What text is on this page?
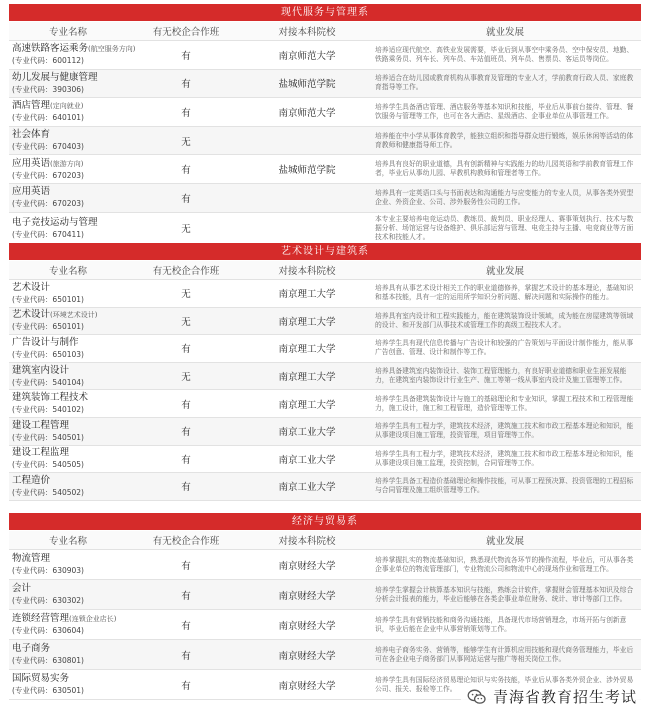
现代服务与管理系
专业名称	有无校企合作班	对接本科院校	就业发展

高速铁路客运乘务(航空服务方向)
(专业代码：600112)	有	南京师范大学	培养适应现代航空、高铁业发展需要，毕业后到从事空中乘务员、空中保安员、地勤、铁路乘务员、列车长、列车员、车站值班员、列车员、售票员、客运员等岗位。

幼儿发展与健康管理
(专业代码：390306)	有	盐城师范学院	培养适合在幼儿园或教育机构从事教育及管理的专业人才，学前教育行政人员、家庭教育指导等工作。

酒店管理(定向就业)
(专业代码：640101)	有	南京师范大学	培养学生具备酒店管理、酒店服务等基本知识和技能，毕业后从事前台接待、管理、餐饮服务与管理等工作，也可在各大酒店、星级酒店、企事业单位从事管理工作。

社会体育
(专业代码：670403)	无		培养能在中小学从事体育教学，能独立组织和指导群众进行锻炼，娱乐休闲等活动的体育教师和健康指导师工作。

应用英语(旅游方向)
(专业代码：670203)	有	盐城师范学院	培养具有良好的职业道德，具有创新精神与实践能力的幼儿园英语和学前教育管理工作者，毕业后从事幼儿园、早教机构教师和管理者等工作。

应用英语
(专业代码：670203)	有		培养具有一定英语口头与书面表达和沟通能力与应变能力的专业人员，从事各类外贸型企业、外资企业、公司、涉外服务性公司的工作。

电子竞技运动与管理
(专业代码：670411)	无		本专业主要培养电竞运动员、教练员、裁判员、职业经理人、赛事策划执行、技术与数据分析、场馆运营与设备维护、俱乐部运营与管理、电竞主持与主播、电竞商业等方面技术和技能人才。
艺术设计与建筑系
专业名称	有无校企合作班	对接本科院校	就业发展

艺术设计
(专业代码：650101)	无	南京理工大学	培养具有从事艺术设计相关工作的职业道德修养，掌握艺术设计的基本理论，基础知识和基本技能，具有一定的运用所学知识分析问题、解决问题和实际操作的能力。

艺术设计(环境艺术设计)
(专业代码：650101)	无	南京理工大学	培养具有室内设计和工程实践能力，能在建筑装饰设计领域，成为能在房屋建筑等领域的设计、和开发部门从事技术或管理工作的高级工程技术人才。

广告设计与制作
(专业代码：650103)	有	南京理工大学	培养学生具有现代信息传播与广告设计和较强的广告策划与平面设计制作能力，能从事广告创意、管理、设计和制作等工作。

建筑室内设计
(专业代码：540104)	无	南京理工大学	培养具备建筑室内装饰设计、装饰工程管理能力，有良好职业道德和职业生涯发展能力，在建筑室内装饰设计行业生产、施工等第一线从事室内设计及施工管理等工作。

建筑装饰工程技术
(专业代码：540102)	有	南京理工大学	培养学生具备建筑装饰设计与施工的基础理论和专业知识，掌握工程技术和工程管理能力，施工设计，施工和工程管理，造价管理等工作。

建设工程管理
(专业代码：540501)	有	南京工业大学	培养学生具有工程力学，建筑技术经济，建筑施工技术和市政工程基本理论和知识，能从事建设项目施工管理，投资管理，项目管理等工作。

建设工程监理
(专业代码：540505)	有	南京工业大学	培养学生具有工程力学，建筑技术经济，建筑施工技术和市政工程基本理论和知识，能从事建设项目施工监理，投资控制，合同管理等工作。

工程造价
(专业代码：540502)	有	南京工业大学	培养学生具备工程造价基础理论和操作技能，可从事工程预决算、投资管理的工程招标与合同管理及施工组织管理等工作。
经济与贸易系
专业名称	有无校企合作班	对接本科院校	就业发展

物流管理
(专业代码：630903)	有	南京财经大学	培养掌握扎实的物流基础知识，熟悉现代物流各环节的操作流程，毕业后，可从事各类企事业单位的物流管理部门，专业物流公司和物流中心的现场作业和管理工作。

会计
(专业代码：630302)	有	南京财经大学	培养学生掌握会计核算基本知识与技能，熟练会计软件，掌握财会管理基本知识及综合分析会计报表的能力，毕业后能够在各类企事业单位财务、统计、审计等部门工作。

连锁经营管理(连锁企业店长)
(专业代码：630604)	有	南京财经大学	培养学生具有营销技能和商务沟通技能，具备现代市场营销理念，市场开拓与创新意识，毕业后能在企业中从事营销策划等工作。

电子商务
(专业代码：630801)	有	南京财经大学	培养电子商务实务、营销等，能够学生有计算机应用技能和现代商务管理能力，毕业后可在各企业电子商务部门从事网站运营与推广等相关岗位工作。

国际贸易实务
(专业代码：630501)	有	南京财经大学	培养学生具有国际经济贸易理论知识与实务技能，毕业后从事各类外贸企业、涉外贸易公司、报关、报检等工作。 青海省教育招生考试
